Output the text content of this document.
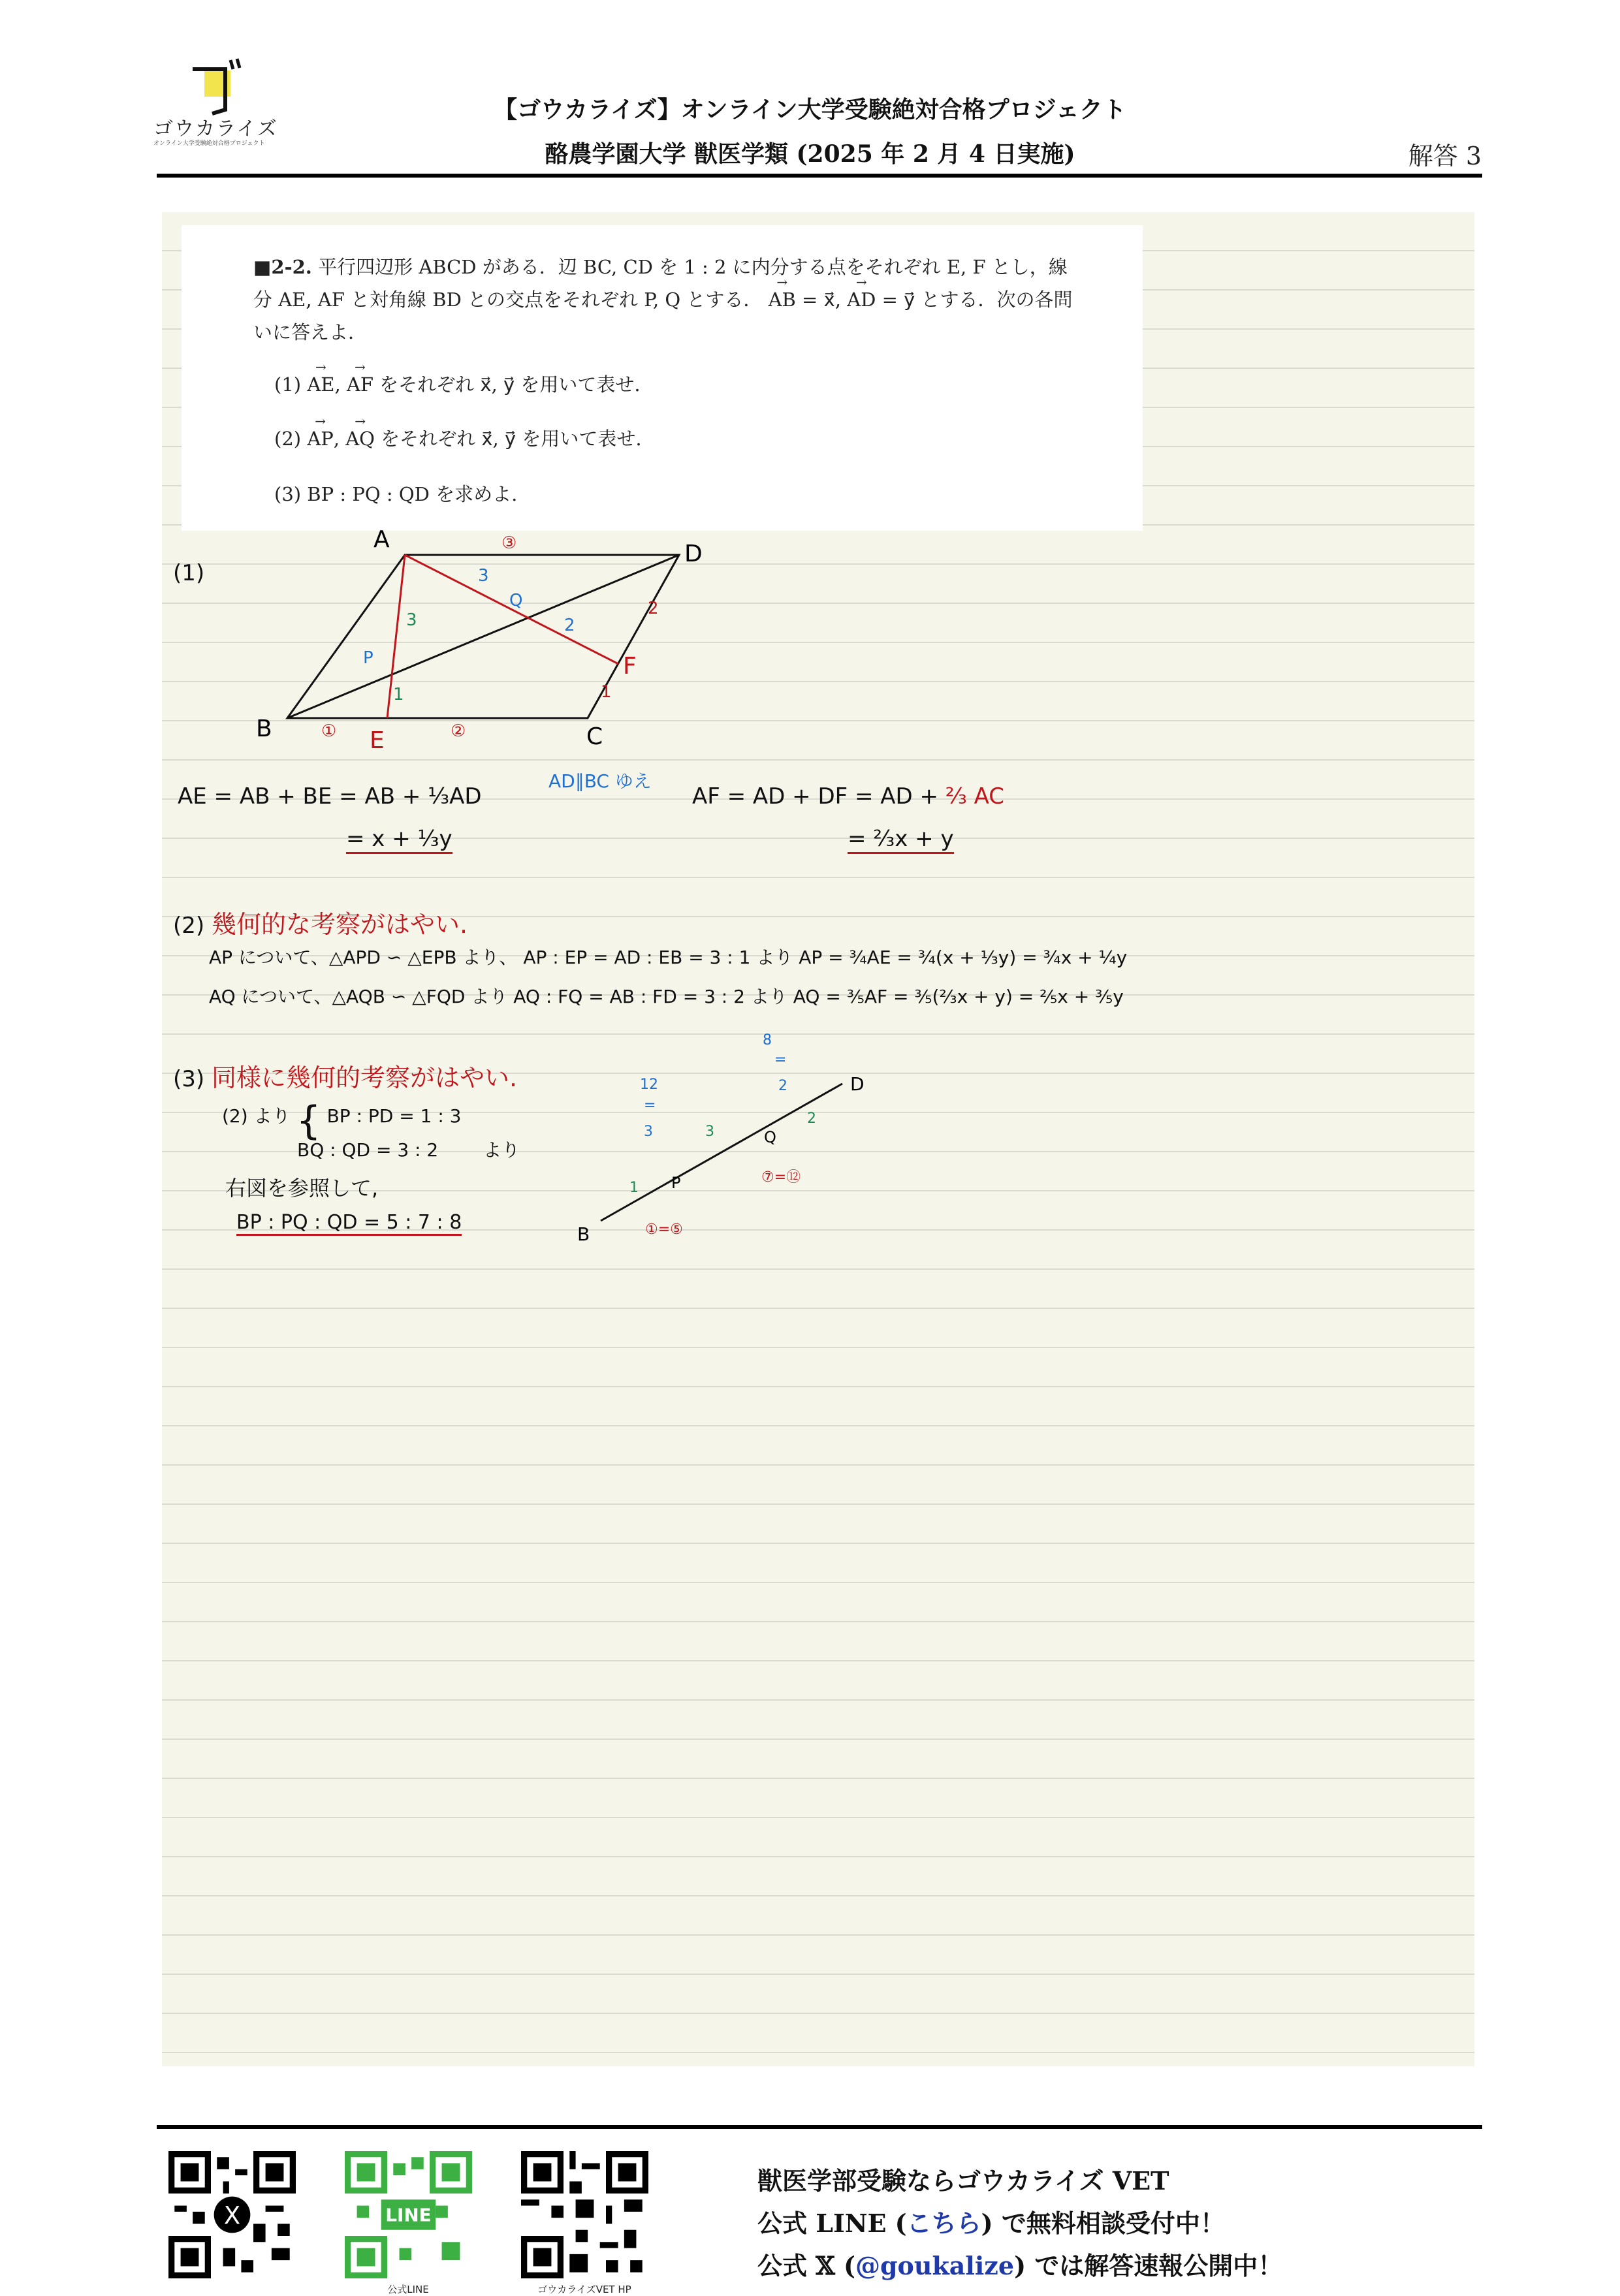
ゴウカライズ
オンライン大学受験絶対合格プロジェクト
【ゴウカライズ】オンライン大学受験絶対合格プロジェクト
酪農学園大学 獣医学類 (2025 年 2 月 4 日実施)	解答 3
■2-2. 平行四辺形 ABCD がある．辺 BC, CD を 1 : 2 に内分する点をそれぞれ E, F とし，線
分 AE, AF と対角線 BD との交点をそれぞれ P, Q とする． → AB = x⃗, → AD = y⃗ とする．次の各問
いに答えよ．
(1) → AE, → AF をそれぞれ x⃗, y⃗ を用いて表せ.
(2) → AP, → AQ をそれぞれ x⃗, y⃗ を用いて表せ.
(3) BP : PQ : QD を求めよ.
(1)
A
D
B	C
E
F
P
Q
③
2
1
①	②
3
2
3
1
AE = AB + BE = AB + ⅓AD
AD∥BC ゆえ
= x + ⅓y
AF = AD + DF = AD + ⅔ AC
= ⅔x + y
(2) 幾何的な考察がはやい.
AP について、△APD ∽ △EPB より、 AP : EP = AD : EB = 3 : 1 より AP = ¾AE = ¾(x + ⅓y) = ¾x + ¼y
AQ について、△AQB ∽ △FQD より AQ : FQ = AB : FD = 3 : 2 より AQ = ⅗AF = ⅗(⅔x + y) = ⅖x + ⅗y
(3) 同様に幾何的考察がはやい.
(2) より { BP : PD = 1 : 3
BQ : QD = 3 : 2 より
右図を参照して,
BP : PQ : QD = 5 : 7 : 8
B
D
P
Q
8
=
12
=
2
3
1
3
2
①=⑤
⑦=⑫
X	LINE
公式LINE	ゴウカライズVET HP
獣医学部受験ならゴウカライズ VET
公式 LINE (こちら) で無料相談受付中！
公式 𝕏 (@goukalize) では解答速報公開中！
